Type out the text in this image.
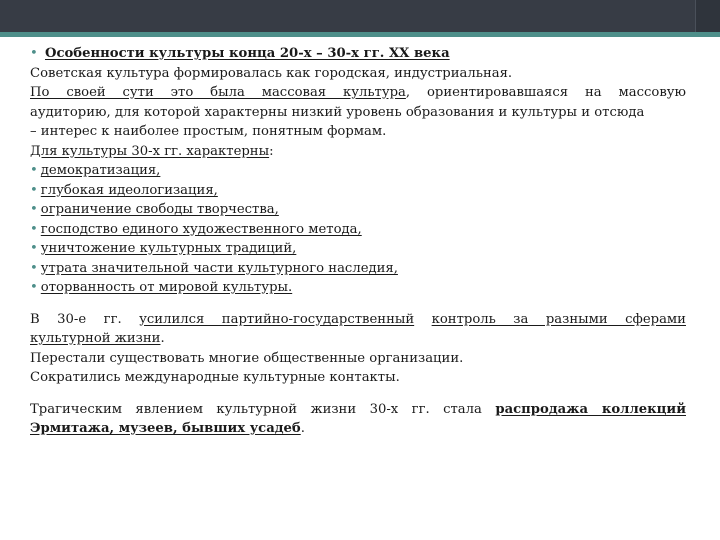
• Особенности культуры конца 20-х – 30-х гг. XX века

Советская культура формировалась как городская, индустриальная.

По своей сути это была массовая культура, ориентировавшаяся на массовую

аудиторию, для которой характерны низкий уровень образования и культуры и отсюда

– интерес к наиболее простым, понятным формам.

Для культуры 30-х гг. характерны:

• демократизация,

• глубокая идеологизация,

• ограничение свободы творчества,

• господство единого художественного метода,

• уничтожение культурных традиций,

• утрата значительной части культурного наследия,

• оторванность от мировой культуры.

В 30-е гг. усилился партийно-государственный контроль за разными сферами

культурной жизни.

Перестали существовать многие общественные организации.

Сократились международные культурные контакты.

Трагическим явлением культурной жизни 30-х гг. стала распродажа коллекций

Эрмитажа, музеев, бывших усадеб.
